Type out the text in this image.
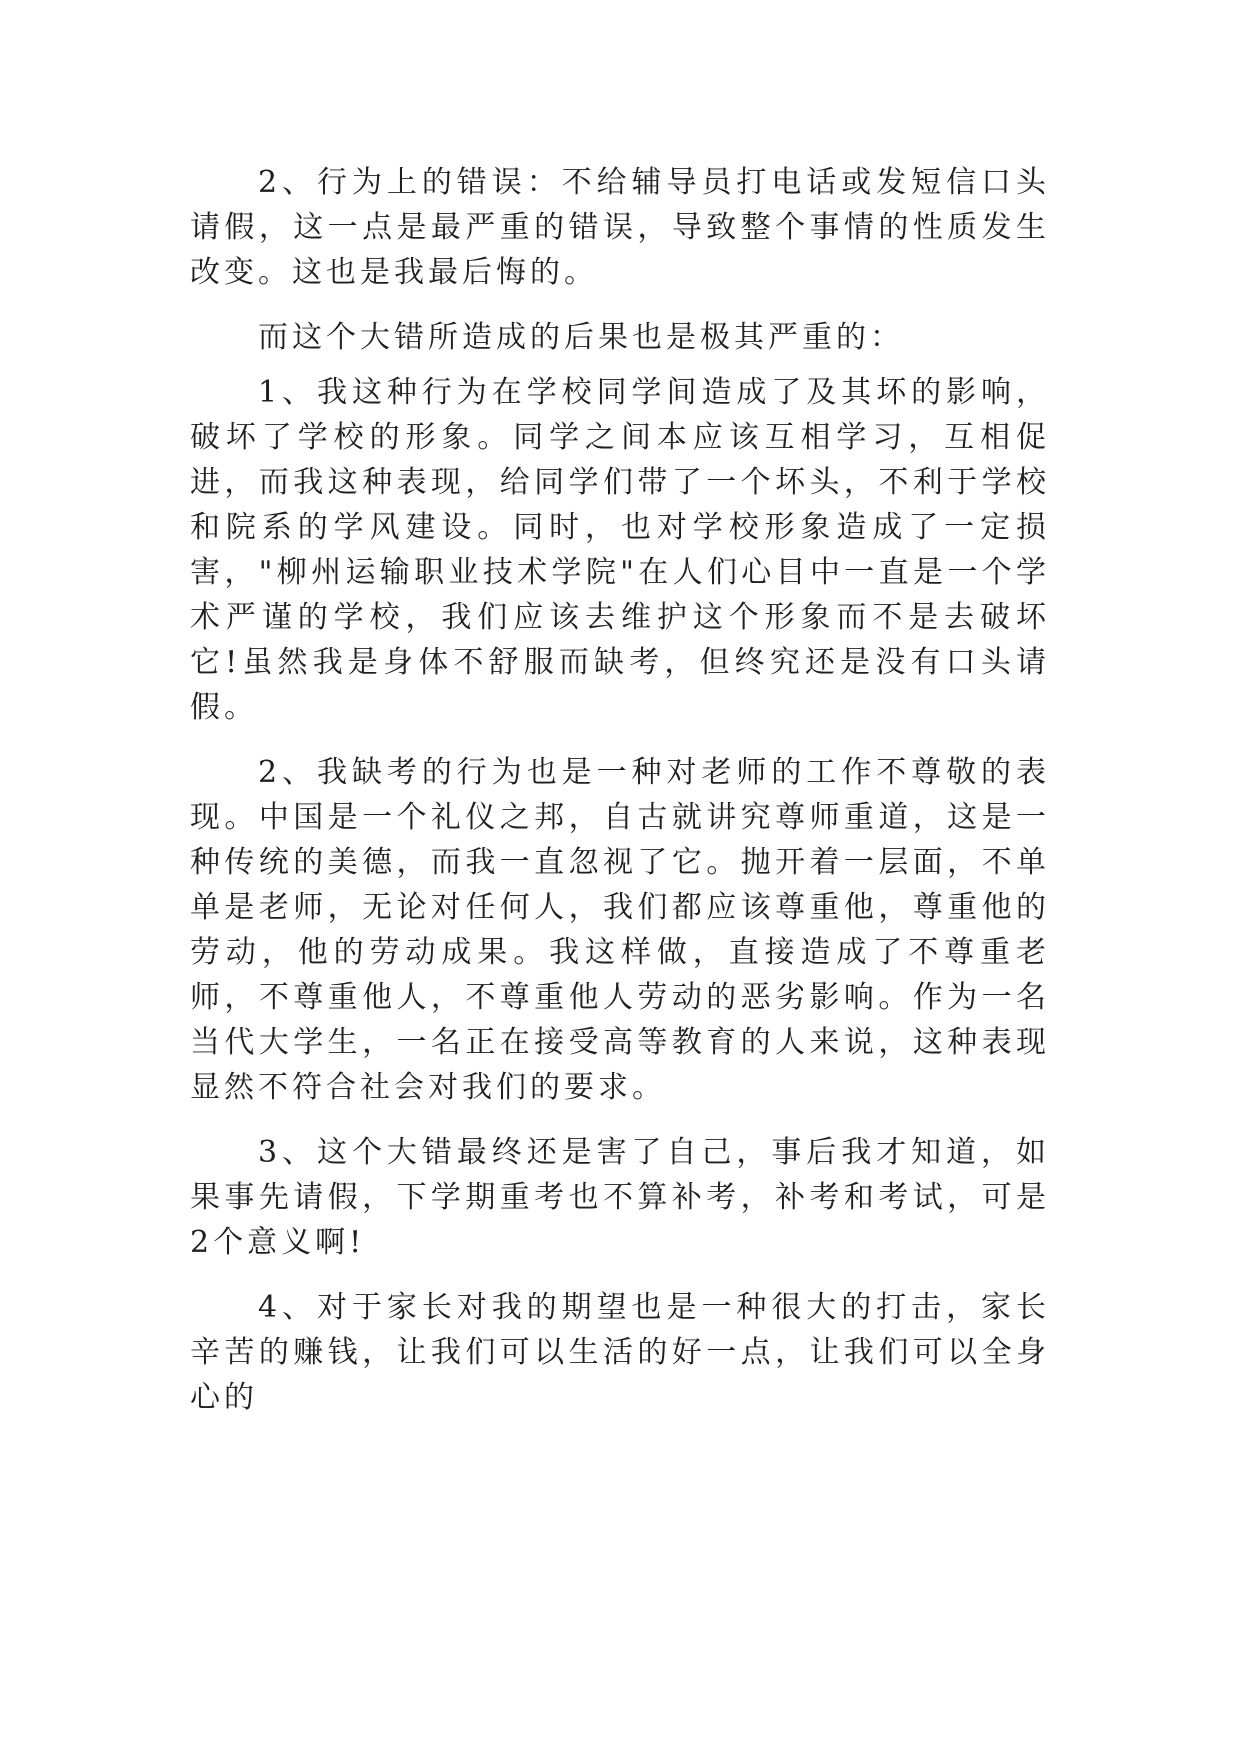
2、行为上的错误：不给辅导员打电话或发短信口头请假，这一点是最严重的错误，导致整个事情的性质发生改变。这也是我最后悔的。

而这个大错所造成的后果也是极其严重的：

1、我这种行为在学校同学间造成了及其坏的影响，破坏了学校的形象。同学之间本应该互相学习，互相促进，而我这种表现，给同学们带了一个坏头，不利于学校和院系的学风建设。同时，也对学校形象造成了一定损害，"柳州运输职业技术学院"在人们心目中一直是一个学术严谨的学校，我们应该去维护这个形象而不是去破坏它!虽然我是身体不舒服而缺考，但终究还是没有口头请假。

2、我缺考的行为也是一种对老师的工作不尊敬的表现。中国是一个礼仪之邦，自古就讲究尊师重道，这是一种传统的美德，而我一直忽视了它。抛开着一层面，不单单是老师，无论对任何人，我们都应该尊重他，尊重他的劳动，他的劳动成果。我这样做，直接造成了不尊重老师，不尊重他人，不尊重他人劳动的恶劣影响。作为一名当代大学生，一名正在接受高等教育的人来说，这种表现显然不符合社会对我们的要求。

3、这个大错最终还是害了自己，事后我才知道，如果事先请假，下学期重考也不算补考，补考和考试，可是2个意义啊!

4、对于家长对我的期望也是一种很大的打击，家长辛苦的赚钱，让我们可以生活的好一点，让我们可以全身心的
